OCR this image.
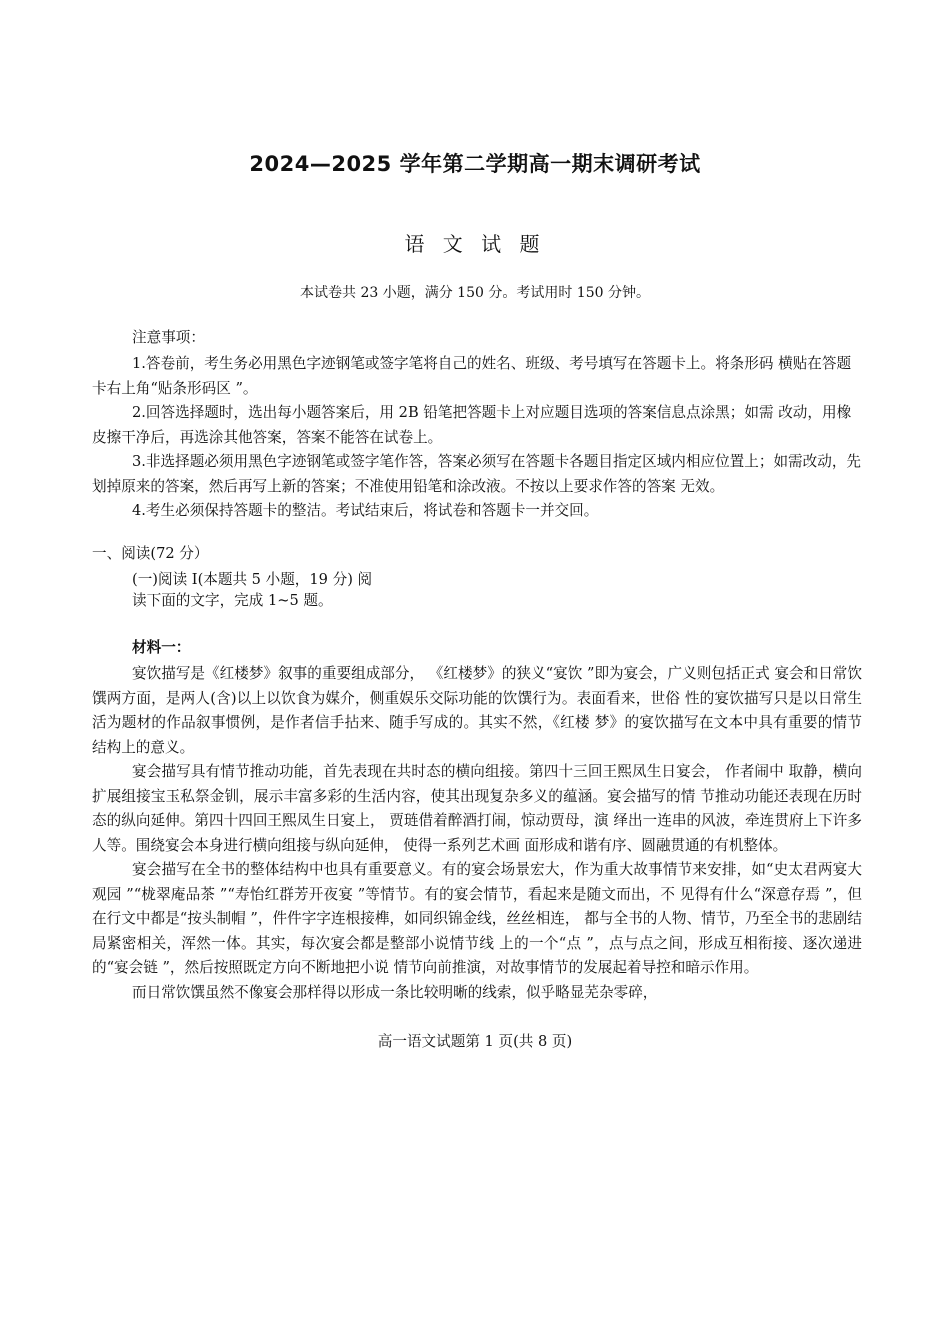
2024—2025 学年第二学期高一期末调研考试
语 文 试 题
本试卷共 23 小题，满分 150 分。考试用时 150 分钟。
注意事项：

1.答卷前，考生务必用黑色字迹钢笔或签字笔将自己的姓名、班级、考号填写在答题卡上。将条形码 横贴在答题卡右上角“贴条形码区 ”。

2.回答选择题时，选出每小题答案后，用 2B 铅笔把答题卡上对应题目选项的答案信息点涂黑；如需 改动，用橡皮擦干净后，再选涂其他答案，答案不能答在试卷上。

3.非选择题必须用黑色字迹钢笔或签字笔作答，答案必须写在答题卡各题目指定区域内相应位置上；如需改动，先划掉原来的答案，然后再写上新的答案；不准使用铅笔和涂改液。不按以上要求作答的答案 无效。

4.考生必须保持答题卡的整洁。考试结束后，将试卷和答题卡一并交回。

一、阅读(72 分）
(一)阅读 I(本题共 5 小题，19 分) 阅读下面的文字，完成 1~5 题。
材料一：

宴饮描写是《红楼梦》叙事的重要组成部分， 《红楼梦》的狭义“宴饮 ”即为宴会，广义则包括正式 宴会和日常饮馔两方面，是两人(含)以上以饮食为媒介，侧重娱乐交际功能的饮馔行为。表面看来，世俗 性的宴饮描写只是以日常生活为题材的作品叙事惯例，是作者信手拈来、随手写成的。其实不然，《红楼 梦》的宴饮描写在文本中具有重要的情节结构上的意义。

宴会描写具有情节推动功能，首先表现在共时态的横向组接。第四十三回王熙凤生日宴会， 作者闹中 取静，横向扩展组接宝玉私祭金钏，展示丰富多彩的生活内容，使其出现复杂多义的蕴涵。宴会描写的情 节推动功能还表现在历时态的纵向延伸。第四十四回王熙凤生日宴上， 贾琏借着醉酒打闹，惊动贾母，演 绎出一连串的风波，牵连贯府上下许多人等。围绕宴会本身进行横向组接与纵向延伸， 使得一系列艺术画 面形成和谐有序、圆融贯通的有机整体。

宴会描写在全书的整体结构中也具有重要意义。有的宴会场景宏大，作为重大故事情节来安排，如“史太君两宴大观园 ”“栊翠庵品茶 ”“寿怡红群芳开夜宴 ”等情节。有的宴会情节，看起来是随文而出，不 见得有什么“深意存焉 ”，但在行文中都是“按头制帽 ”，件件字字连根接榫，如同织锦金线，丝丝相连， 都与全书的人物、情节，乃至全书的悲剧结局紧密相关，浑然一体。其实，每次宴会都是整部小说情节线 上的一个“点 ”，点与点之间，形成互相衔接、逐次递进的“宴会链 ”，然后按照既定方向不断地把小说 情节向前推演，对故事情节的发展起着导控和暗示作用。

而日常饮馔虽然不像宴会那样得以形成一条比较明晰的线索，似乎略显芜杂零碎，

高一语文试题第 1 页(共 8 页)
